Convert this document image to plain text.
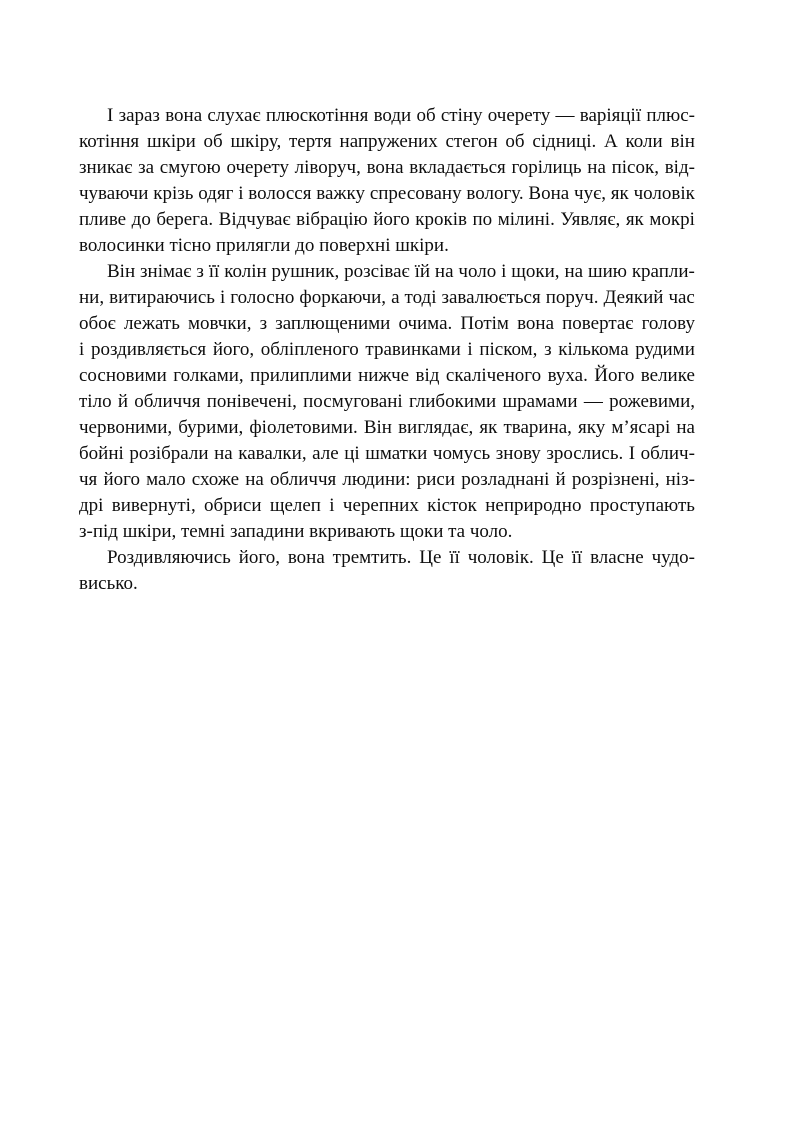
І зараз вона слухає плюскотіння води об стіну очерету — варіяції плюс-
котіння шкіри об шкіру, тертя напружених стегон об сідниці. А коли він
зникає за смугою очерету ліворуч, вона вкладається горілиць на пісок, від-
чуваючи крізь одяг і волосся важку спресовану вологу. Вона чує, як чоловік
пливе до берега. Відчуває вібрацію його кроків по мілині. Уявляє, як мокрі
волосинки тісно прилягли до поверхні шкіри.
Він знімає з її колін рушник, розсіває їй на чоло і щоки, на шию крапли-
ни, витираючись і голосно форкаючи, а тоді завалюється поруч. Деякий час
обоє лежать мовчки, з заплющеними очима. Потім вона повертає голову
і роздивляється його, обліпленого травинками і піском, з кількома рудими
сосновими голками, прилиплими нижче від скаліченого вуха. Його велике
тіло й обличчя понівечені, посмуговані глибокими шрамами — рожевими,
червоними, бурими, фіолетовими. Він виглядає, як тварина, яку м’ясарі на
бойні розібрали на кавалки, але ці шматки чомусь знову зрослись. І облич-
чя його мало схоже на обличчя людини: риси розладнані й розрізнені, ніз-
дрі вивернуті, обриси щелеп і черепних кісток неприродно проступають
з-під шкіри, темні западини вкривають щоки та чоло.
Роздивляючись його, вона тремтить. Це її чоловік. Це її власне чудо-
висько.
